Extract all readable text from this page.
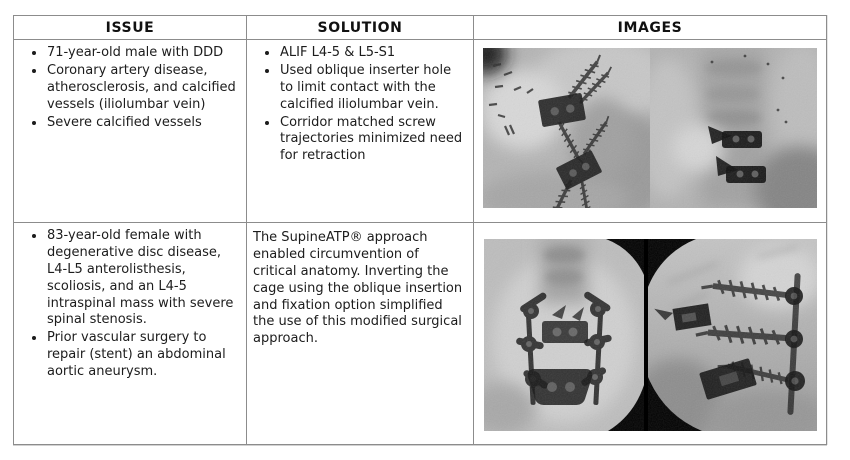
ISSUE	SOLUTION	IMAGES
• 71-year-old male with DDD
• Coronary artery disease, atherosclerosis, and calcified vessels (iliolumbar vein)
• Severe calcified vessels
• ALIF L4-5 & L5-S1
• Used oblique inserter hole to limit contact with the calcified iliolumbar vein.
• Corridor matched screw trajectories minimized need for retraction
• 83-year-old female with degenerative disc disease, L4-L5 anterolisthesis, scoliosis, and an L4-5 intraspinal mass with severe spinal stenosis.
• Prior vascular surgery to repair (stent) an abdominal aortic aneurysm.

The SupineATP® approach enabled circumvention of critical anatomy. Inverting the cage using the oblique insertion and fixation option simplified the use of this modified surgical approach.
